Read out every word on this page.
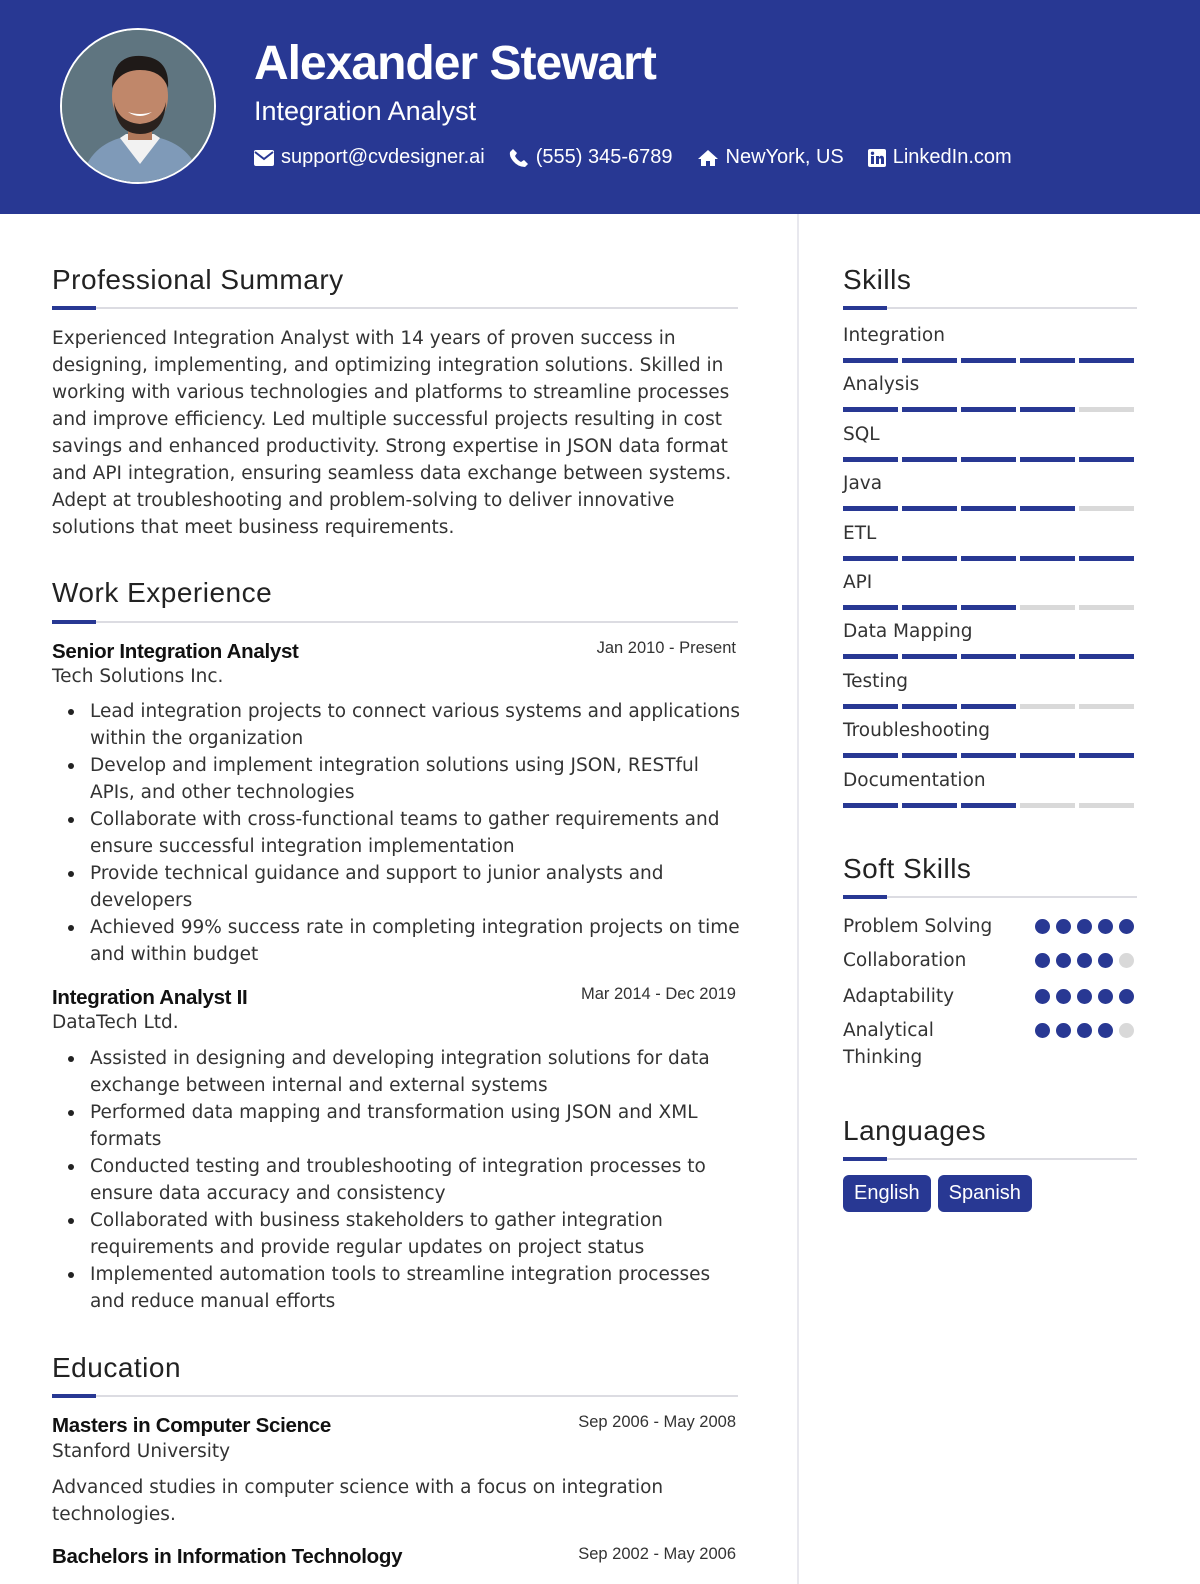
Alexander Stewart
Integration Analyst
support@cvdesigner.ai	(555) 345-6789	NewYork, US LinkedIn.com
Professional Summary
Experienced Integration Analyst with 14 years of proven success in
designing, implementing, and optimizing integration solutions. Skilled in
working with various technologies and platforms to streamline processes
and improve efficiency. Led multiple successful projects resulting in cost
savings and enhanced productivity. Strong expertise in JSON data format
and API integration, ensuring seamless data exchange between systems.
Adept at troubleshooting and problem-solving to deliver innovative
solutions that meet business requirements.
Work Experience
Senior Integration Analyst	Jan 2010 - Present
Tech Solutions Inc.
Lead integration projects to connect various systems and applications
within the organization
Develop and implement integration solutions using JSON, RESTful
APIs, and other technologies
Collaborate with cross-functional teams to gather requirements and
ensure successful integration implementation
Provide technical guidance and support to junior analysts and
developers
Achieved 99% success rate in completing integration projects on time
and within budget
Integration Analyst II	Mar 2014 - Dec 2019
DataTech Ltd.
Assisted in designing and developing integration solutions for data
exchange between internal and external systems
Performed data mapping and transformation using JSON and XML
formats
Conducted testing and troubleshooting of integration processes to
ensure data accuracy and consistency
Collaborated with business stakeholders to gather integration
requirements and provide regular updates on project status
Implemented automation tools to streamline integration processes
and reduce manual efforts
Education
Masters in Computer Science	Sep 2006 - May 2008
Stanford University
Advanced studies in computer science with a focus on integration
technologies.
Bachelors in Information Technology	Sep 2002 - May 2006
Skills
Integration
Analysis
SQL
Java
ETL
API
Data Mapping
Testing
Troubleshooting
Documentation
Soft Skills
Problem Solving
Collaboration
Adaptability
Analytical
Thinking
Languages
English	Spanish
